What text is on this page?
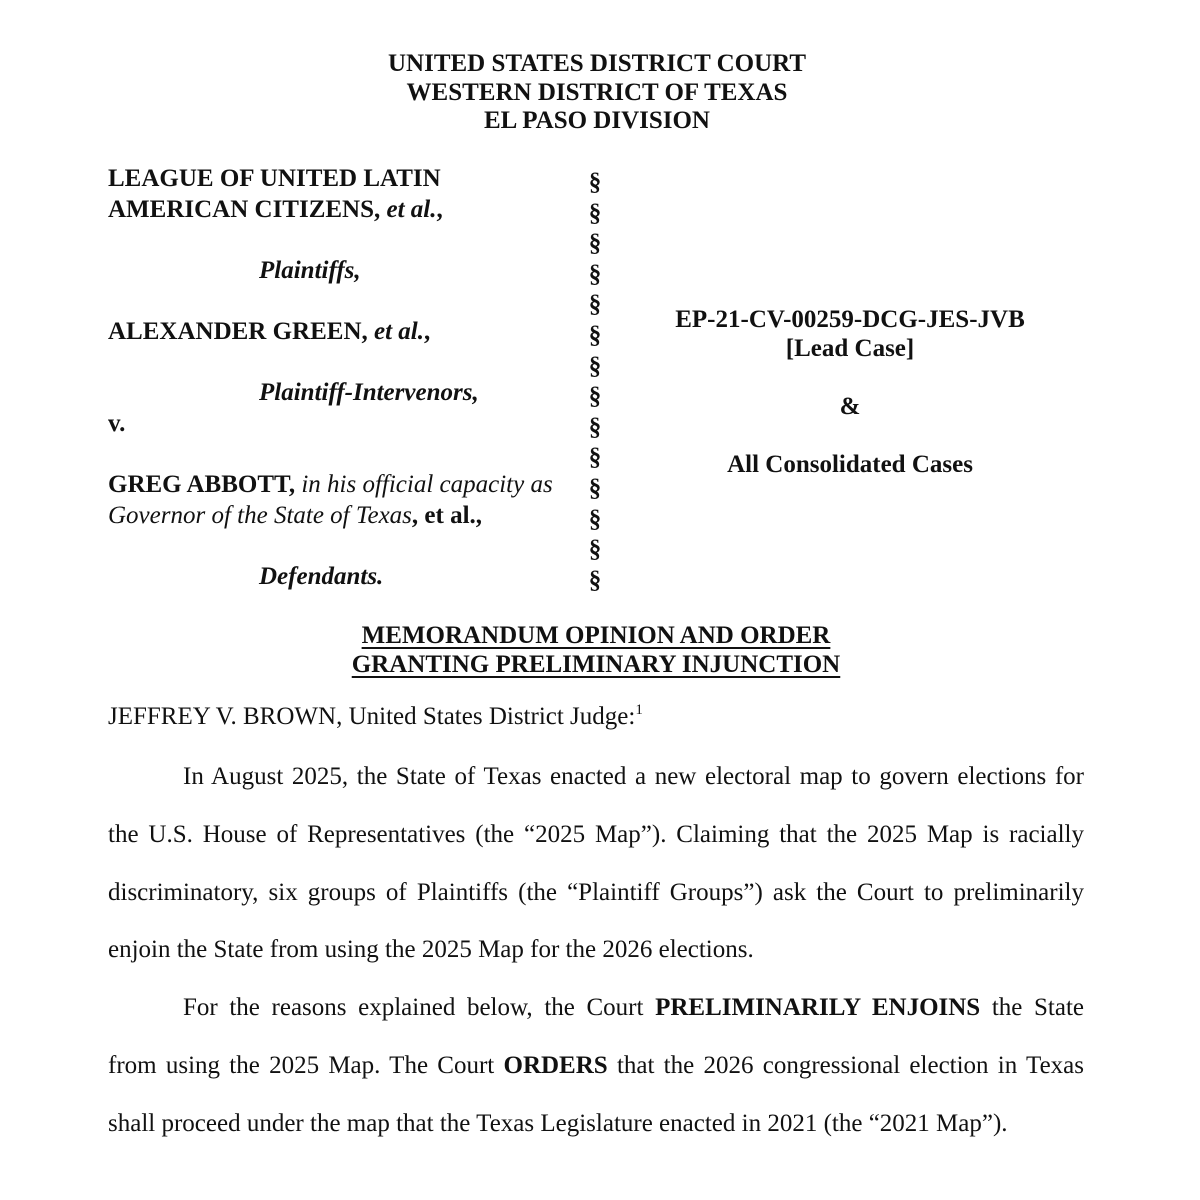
UNITED STATES DISTRICT COURT
WESTERN DISTRICT OF TEXAS
EL PASO DIVISION
LEAGUE OF UNITED LATIN
AMERICAN CITIZENS, et al.,
Plaintiffs,
ALEXANDER GREEN, et al.,
Plaintiff-Intervenors,
v.
GREG ABBOTT, in his official capacity as
Governor of the State of Texas, et al.,
Defendants.
§
§
§
§
§
§
§
§
§
§
§
§
§
§
EP-21-CV-00259-DCG-JES-JVB
[Lead Case]
&
All Consolidated Cases
MEMORANDUM OPINION AND ORDER
GRANTING PRELIMINARY INJUNCTION
JEFFREY V. BROWN, United States District Judge:$^1$

In August 2025, the State of Texas enacted a new electoral map to govern elections for the U.S. House of Representatives (the “2025 Map”). Claiming that the 2025 Map is racially discriminatory, six groups of Plaintiffs (the “Plaintiff Groups”) ask the Court to preliminarily enjoin the State from using the 2025 Map for the 2026 elections.

For the reasons explained below, the Court PRELIMINARILY ENJOINS the State from using the 2025 Map. The Court ORDERS that the 2026 congressional election in Texas shall proceed under the map that the Texas Legislature enacted in 2021 (the “2021 Map”).
